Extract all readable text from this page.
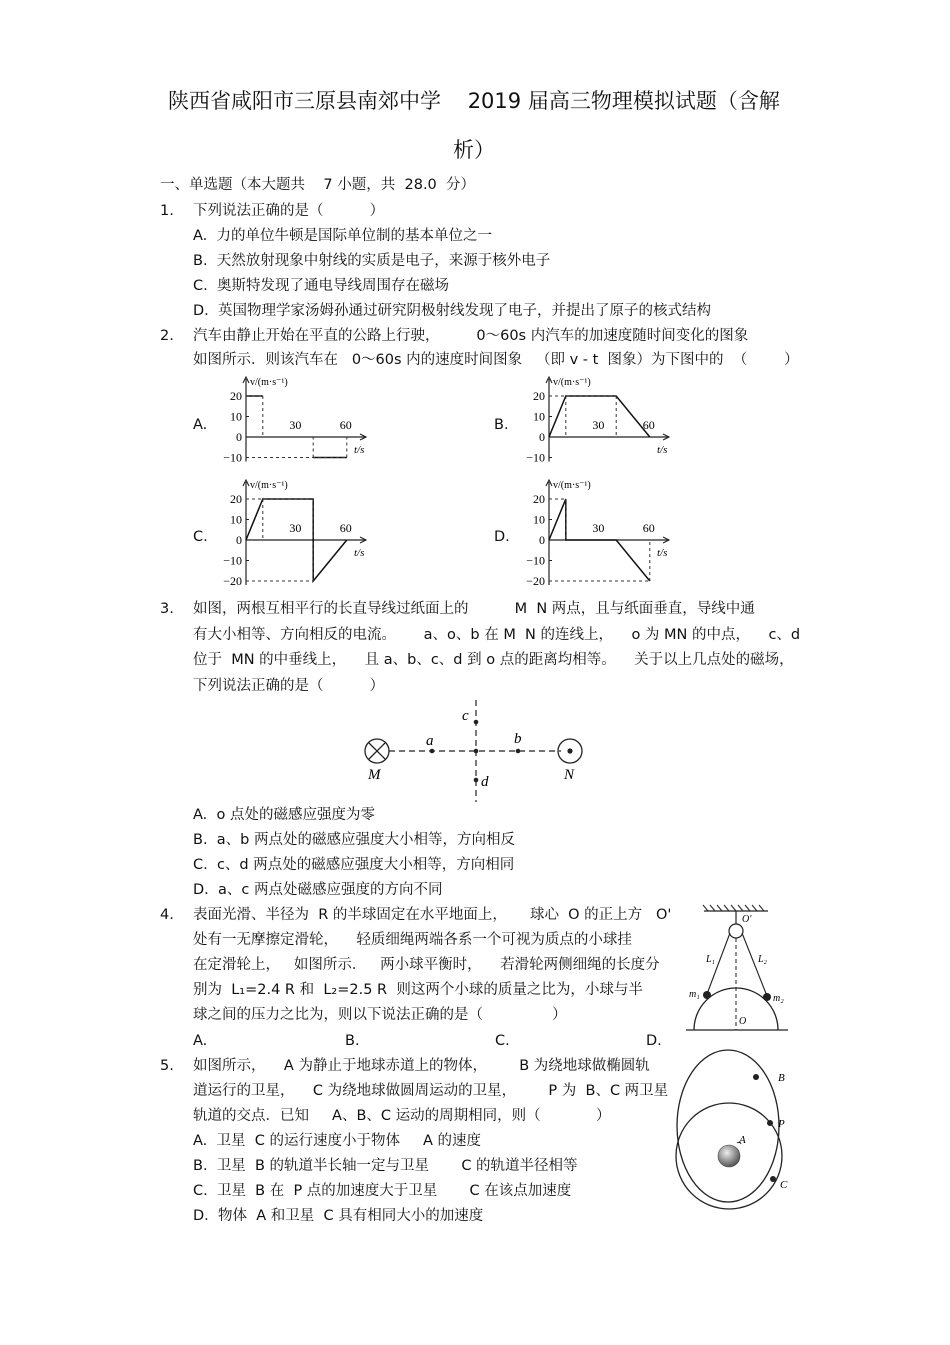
陕西省咸阳市三原县南郊中学    2019 届高三物理模拟试题（含解
析）
一、单选题（本大题共    7 小题，共  28.0  分）
1. 下列说法正确的是（          ）
A.  力的单位牛顿是国际单位制的基本单位之一
B.  天然放射现象中射线的实质是电子，来源于核外电子
C.  奥斯特发现了通电导线周围存在磁场
D.  英国物理学家汤姆孙通过研究阴极射线发现了电子，并提出了原子的核式结构
2. 汽车由静止开始在平直的公路上行驶，        0～60s 内汽车的加速度随时间变化的图象
如图所示．则该汽车在   0～60s 内的速度时间图象   （即 v - t  图象）为下图中的  （        ）
A.	B.
C.	D.
v/(m·s⁻¹)
t/s
30	60
20
10
0
−10
v/(m·s⁻¹)
t/s
30	60
20
10
0
−10
v/(m·s⁻¹)
t/s
30	60
20
10
0
−10
−20
v/(m·s⁻¹)
t/s
30	60
20
10
0
−10
−20
3. 如图，两根互相平行的长直导线过纸面上的          M  N 两点，且与纸面垂直，导线中通
有大小相等、方向相反的电流。      a、o、b 在 M  N 的连线上，    o 为 MN 的中点，    c、d
位于  MN 的中垂线上，    且 a、b、c、d 到 o 点的距离均相等。    关于以上几点处的磁场，
下列说法正确的是（          ）
a	b
c
d
M	N
A.  o 点处的磁感应强度为零
B.  a、b 两点处的磁感应强度大小相等，方向相反
C.  c、d 两点处的磁感应强度大小相等，方向相同
D.  a、c 两点处磁感应强度的方向不同
4. 表面光滑、半径为  R 的半球固定在水平地面上，     球心  O 的正上方   O'
处有一无摩擦定滑轮，    轻质细绳两端各系一个可视为质点的小球挂
在定滑轮上，   如图所示．   两小球平衡时，    若滑轮两侧细绳的长度分
别为  L₁=2.4 R 和  L₂=2.5 R  则这两个小球的质量之比为，小球与半
球之间的压力之比为，则以下说法正确的是（               ）
A.	B.	C.	D.
O'
L₁	L₂
m₁	m₂
O
5. 如图所示，    A 为静止于地球赤道上的物体，       B 为绕地球做椭圆轨
道运行的卫星，    C 为绕地球做圆周运动的卫星，       P 为  B、C 两卫星
轨道的交点．已知     A、B、C 运动的周期相同，则（            ）
A.  卫星  C 的运行速度小于物体     A 的速度
B.  卫星  B 的轨道半长轴一定与卫星       C 的轨道半径相等
C.  卫星  B 在  P 点的加速度大于卫星       C 在该点加速度
D.  物体  A 和卫星  C 具有相同大小的加速度
A
B
P
C
